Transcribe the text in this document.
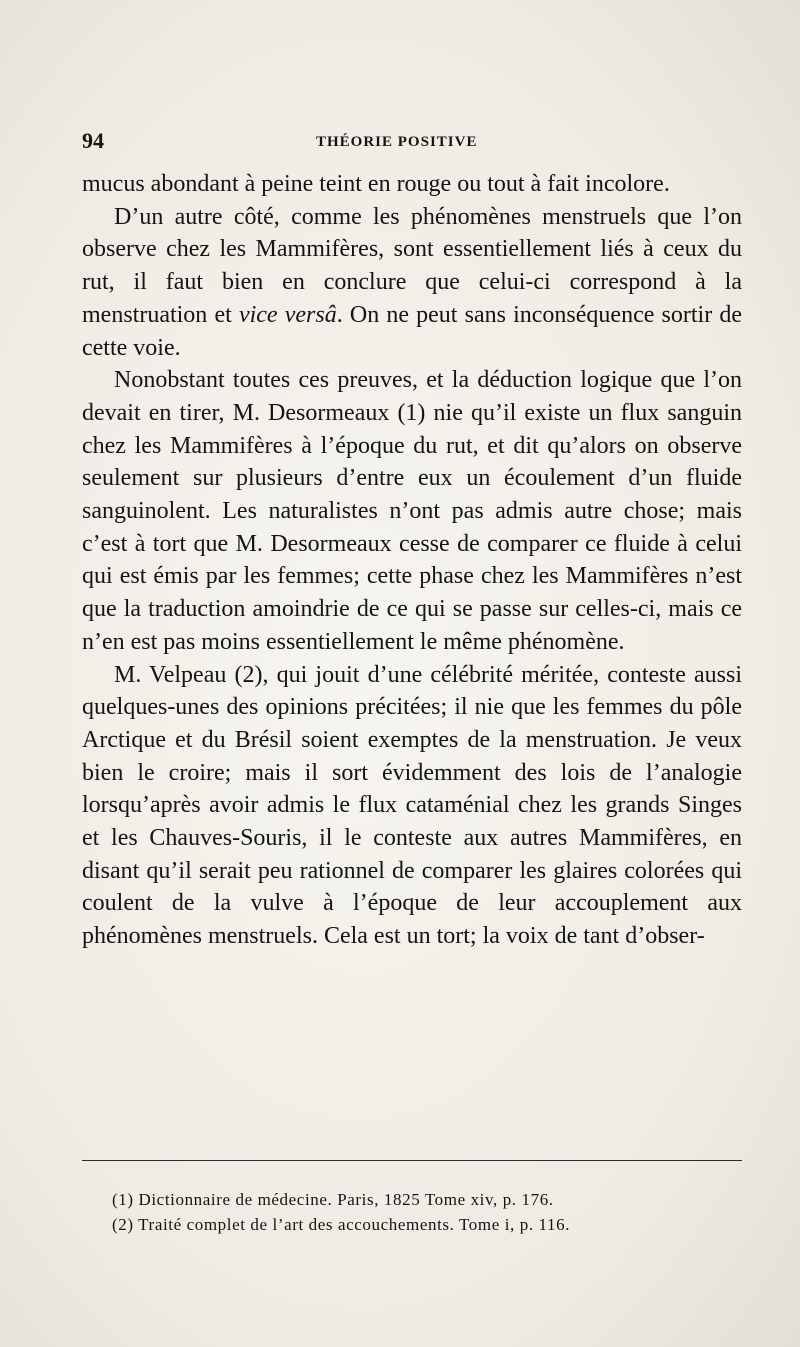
94	THÉORIE POSITIVE

mucus abondant à peine teint en rouge ou tout à fait incolore.

D’un autre côté, comme les phénomènes menstruels que l’on observe chez les Mammifères, sont essentiellement liés à ceux du rut, il faut bien en conclure que celui-ci correspond à la menstruation et vice versâ. On ne peut sans inconséquence sortir de cette voie.

Nonobstant toutes ces preuves, et la déduction logique que l’on devait en tirer, M. Desormeaux (1) nie qu’il existe un flux sanguin chez les Mammifères à l’époque du rut, et dit qu’alors on observe seulement sur plusieurs d’entre eux un écoulement d’un fluide sanguinolent. Les naturalistes n’ont pas admis autre chose; mais c’est à tort que M. Desormeaux cesse de comparer ce fluide à celui qui est émis par les femmes; cette phase chez les Mammifères n’est que la traduction amoindrie de ce qui se passe sur celles-ci, mais ce n’en est pas moins essentiellement le même phénomène.

M. Velpeau (2), qui jouit d’une célébrité méritée, conteste aussi quelques-unes des opinions précitées; il nie que les femmes du pôle Arctique et du Brésil soient exemptes de la menstruation. Je veux bien le croire; mais il sort évidemment des lois de l’analogie lorsqu’après avoir admis le flux cataménial chez les grands Singes et les Chauves-Souris, il le conteste aux autres Mammifères, en disant qu’il serait peu rationnel de comparer les glaires colorées qui coulent de la vulve à l’époque de leur accouplement aux phénomènes menstruels. Cela est un tort; la voix de tant d’obser-

(1) Dictionnaire de médecine. Paris, 1825 Tome xiv, p. 176.

(2) Traité complet de l’art des accouchements. Tome i, p. 116.
